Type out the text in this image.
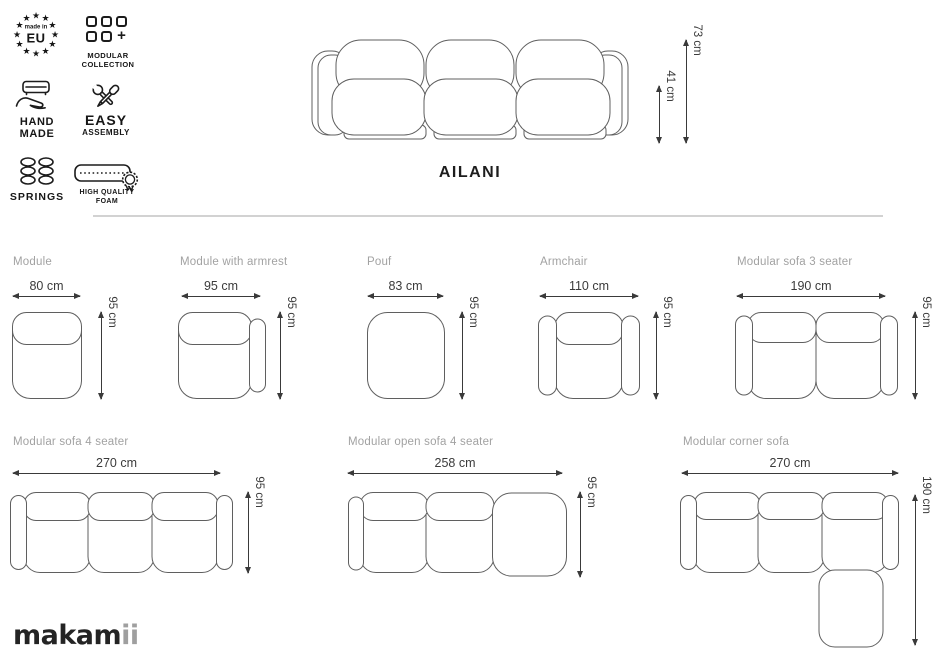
★ ★
★
★
★
★
★
★
★
★
★
★
made in
EU	+
MODULAR
COLLECTION
HAND
MADE
EASY
ASSEMBLY
SPRINGS	HIGH QUALITY
FOAM
41 cm
73 cm
AILANI
Module
80 cm
95 cm
Module with armrest
95 cm
95 cm
Pouf
83 cm
95 cm
Armchair
110 cm
95 cm
Modular sofa 3 seater
190 cm
95 cm
Modular sofa 4 seater
270 cm
95 cm
Modular open sofa 4 seater
258 cm
95 cm
Modular corner sofa
270 cm
190 cm
makamii
